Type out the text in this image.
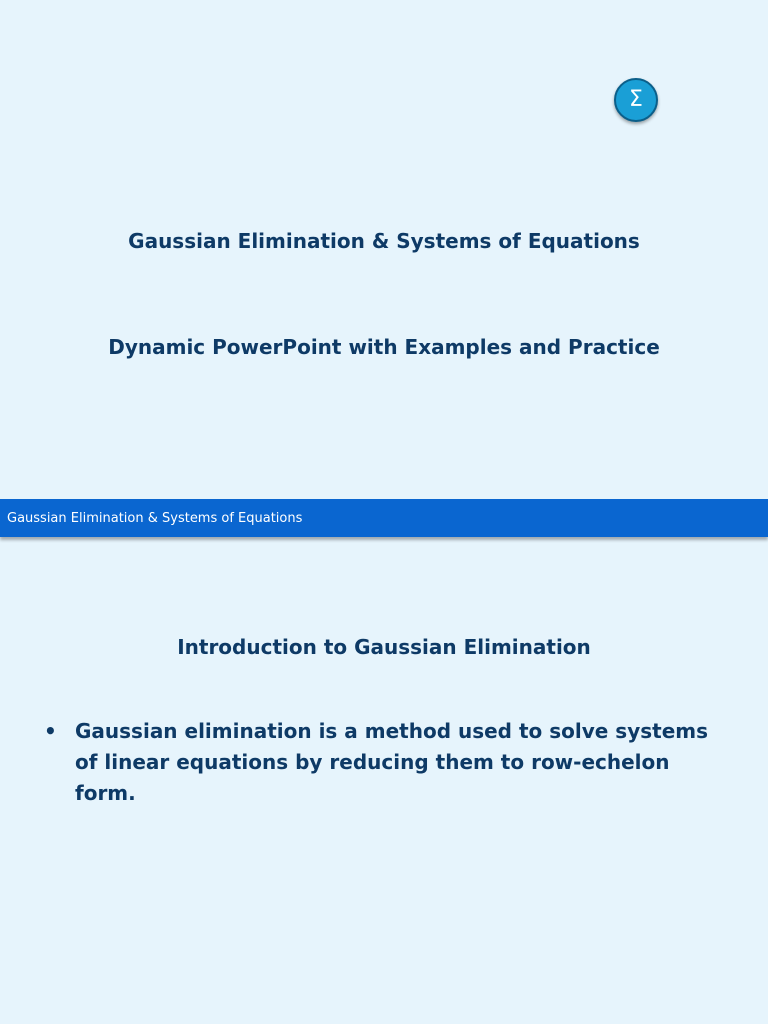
Σ
Gaussian Elimination & Systems of Equations
Dynamic PowerPoint with Examples and Practice
Gaussian Elimination & Systems of Equations
Introduction to Gaussian Elimination
• Gaussian elimination is a method used to solve systems of linear equations by reducing them to row-echelon form.
